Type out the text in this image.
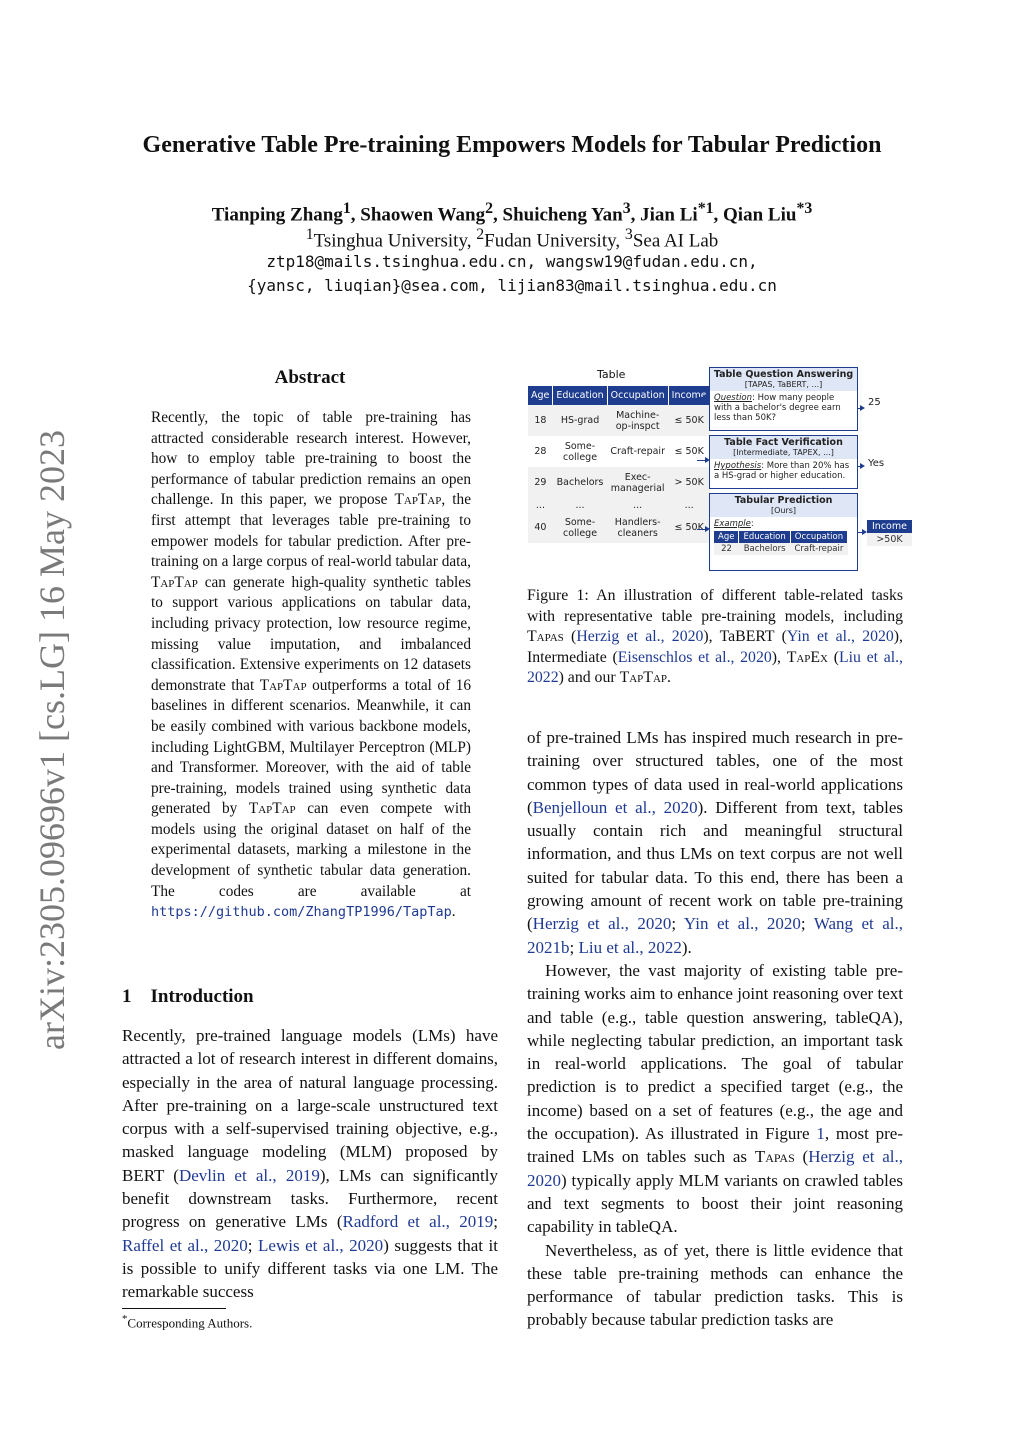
arXiv:2305.09696v1 [cs.LG] 16 May 2023
Generative Table Pre-training Empowers Models for Tabular Prediction
Tianping Zhang$^1$, Shaowen Wang$^2$, Shuicheng Yan$^3$, Jian Li$^{*1}$, Qian Liu$^{*3}$
$^1$Tsinghua University, $^2$Fudan University, $^3$Sea AI Lab
ztp18@mails.tsinghua.edu.cn, wangsw19@fudan.edu.cn,
{yansc, liuqian}@sea.com, lijian83@mail.tsinghua.edu.cn
Abstract
Recently, the topic of table pre-training has attracted considerable research interest. However, how to employ table pre-training to boost the performance of tabular prediction remains an open challenge. In this paper, we propose TapTap, the first attempt that leverages table pre-training to empower models for tabular prediction. After pre-training on a large corpus of real-world tabular data, TapTap can generate high-quality synthetic tables to support various applications on tabular data, including privacy protection, low resource regime, missing value imputation, and imbalanced classification. Extensive experiments on 12 datasets demonstrate that TapTap outperforms a total of 16 baselines in different scenarios. Meanwhile, it can be easily combined with various backbone models, including LightGBM, Multilayer Perceptron (MLP) and Transformer. Moreover, with the aid of table pre-training, models trained using synthetic data generated by TapTap can even compete with models using the original dataset on half of the experimental datasets, marking a milestone in the development of synthetic tabular data generation. The codes are available at https://github.com/ZhangTP1996/TapTap.
1 Introduction
Recently, pre-trained language models (LMs) have attracted a lot of research interest in different domains, especially in the area of natural language processing. After pre-training on a large-scale unstructured text corpus with a self-supervised training objective, e.g., masked language modeling (MLM) proposed by BERT (Devlin et al., 2019), LMs can significantly benefit downstream tasks. Furthermore, recent progress on generative LMs (Radford et al., 2019; Raffel et al., 2020; Lewis et al., 2020) suggests that it is possible to unify different tasks via one LM. The remarkable success
*Corresponding Authors.
Table
Age	Education	Occupation	Income
18	HS-grad	Machine-op-inspct	≤ 50K
28	Some-college	Craft-repair	≤ 50K
29	Bachelors	Exec-managerial	> 50K
...	...	...	...
40	Some-college	Handlers-cleaners	≤ 50K
Table Question Answering
[TAPAS, TaBERT, ...]
Question: How many people with a bachelor's degree earn less than 50K?
25
Table Fact Verification
[Intermediate, TAPEX, ...]
Hypothesis: More than 20% has a HS-grad or higher education.
Yes
Tabular Prediction
[Ours]
Example:
Age	Education	Occupation
22	Bachelors	Craft-repair
Income
>50K
Figure 1: An illustration of different table-related tasks with representative table pre-training models, including Tapas (Herzig et al., 2020), TaBERT (Yin et al., 2020), Intermediate (Eisenschlos et al., 2020), TapEx (Liu et al., 2022) and our TapTap.

of pre-trained LMs has inspired much research in pre-training over structured tables, one of the most common types of data used in real-world applications (Benjelloun et al., 2020). Different from text, tables usually contain rich and meaningful structural information, and thus LMs on text corpus are not well suited for tabular data. To this end, there has been a growing amount of recent work on table pre-training (Herzig et al., 2020; Yin et al., 2020; Wang et al., 2021b; Liu et al., 2022).

However, the vast majority of existing table pre-training works aim to enhance joint reasoning over text and table (e.g., table question answering, tableQA), while neglecting tabular prediction, an important task in real-world applications. The goal of tabular prediction is to predict a specified target (e.g., the income) based on a set of features (e.g., the age and the occupation). As illustrated in Figure 1, most pre-trained LMs on tables such as Tapas (Herzig et al., 2020) typically apply MLM variants on crawled tables and text segments to boost their joint reasoning capability in tableQA.

Nevertheless, as of yet, there is little evidence that these table pre-training methods can enhance the performance of tabular prediction tasks. This is probably because tabular prediction tasks are
